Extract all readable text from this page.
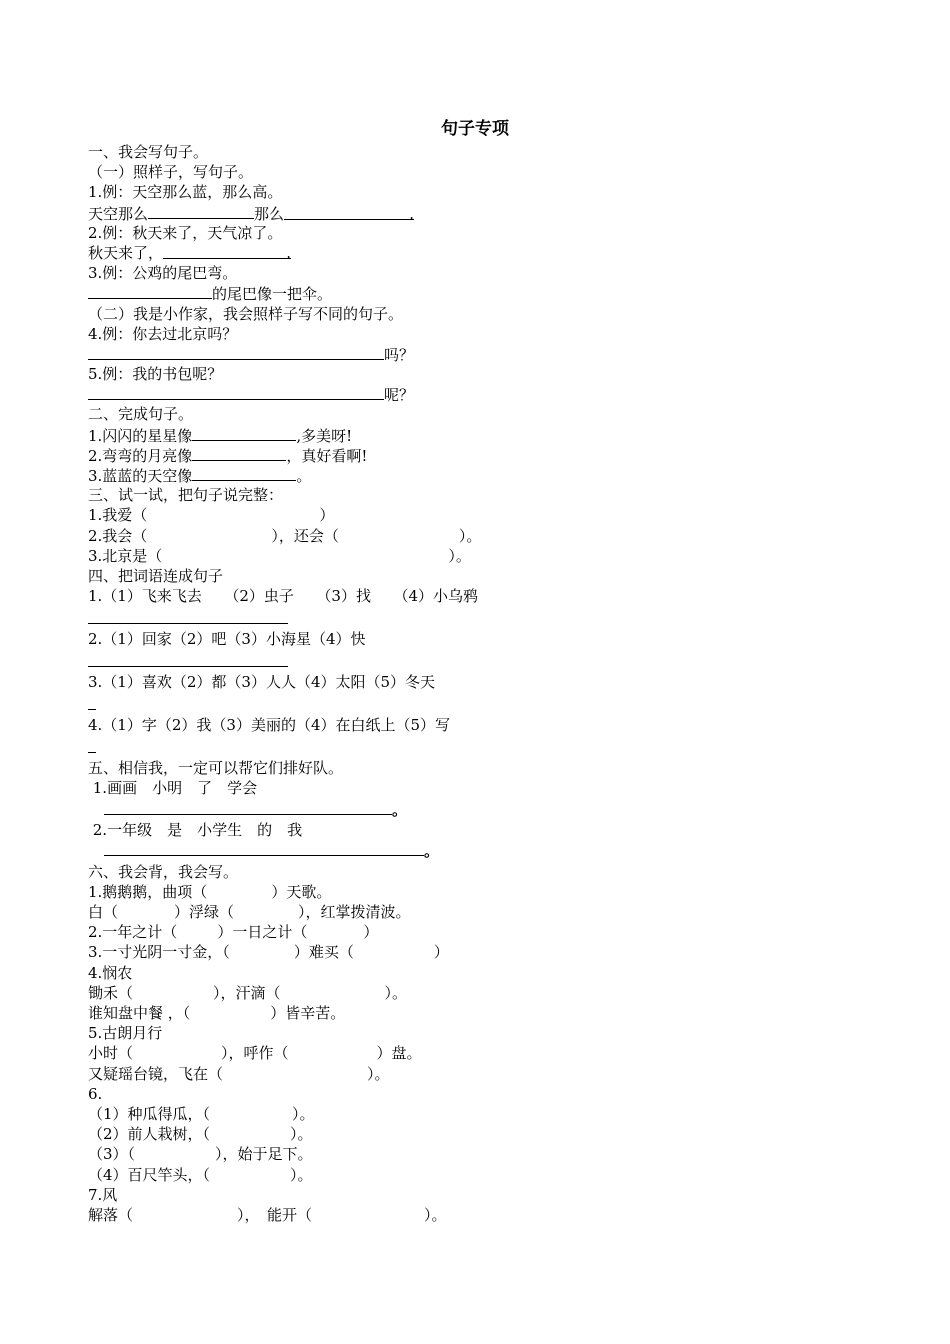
句子专项
一、我会写句子。
（一）照样子，写句子。
1.例：天空那么蓝，那么高。
天空那么	那么	.
2.例：秋天来了，天气凉了。
秋天来了，	.
3.例：公鸡的尾巴弯。
的尾巴像一把伞。
（二）我是小作家，我会照样子写不同的句子。
4.例：你去过北京吗？
吗？
5.例：我的书包呢？
呢？
二、完成句子。
1.闪闪的星星像	,多美呀!
2.弯弯的月亮像	，真好看啊!
3.蓝蓝的天空像	。
三、试一试，把句子说完整：
1.我爱（	）
2.我会（	），还会（	）。
3.北京是（	）。
四、把词语连成句子
1.（1）飞来飞去　　（2）虫子　　（3）找　　（4）小乌鸦
2.（1）回家（2）吧（3）小海星（4）快
3.（1）喜欢（2）都（3）人人（4）太阳（5）冬天
4.（1）字（2）我（3）美丽的（4）在白纸上（5）写
五、相信我，一定可以帮它们排好队。
1.画画　小明　了　学会
。
2.一年级　是　小学生　的　我
。
六、我会背，我会写。
1.鹅鹅鹅，曲项（	）天歌。
白（	）浮绿（	），红掌拨清波。
2.一年之计（	）一日之计（	）
3.一寸光阴一寸金，（	）难买（	）
4.悯农
锄禾（	），汗滴（	）。
谁知盘中餐 ，（	）皆辛苦。
5.古朗月行
小时（	），呼作（	）盘。
又疑瑶台镜，飞在（	）。
6.
（1）种瓜得瓜，（	）。
（2）前人栽树，（	）。
（3）（	），始于足下。
（4）百尺竿头，（	）。
7.风
解落（	），　能开（	）。
